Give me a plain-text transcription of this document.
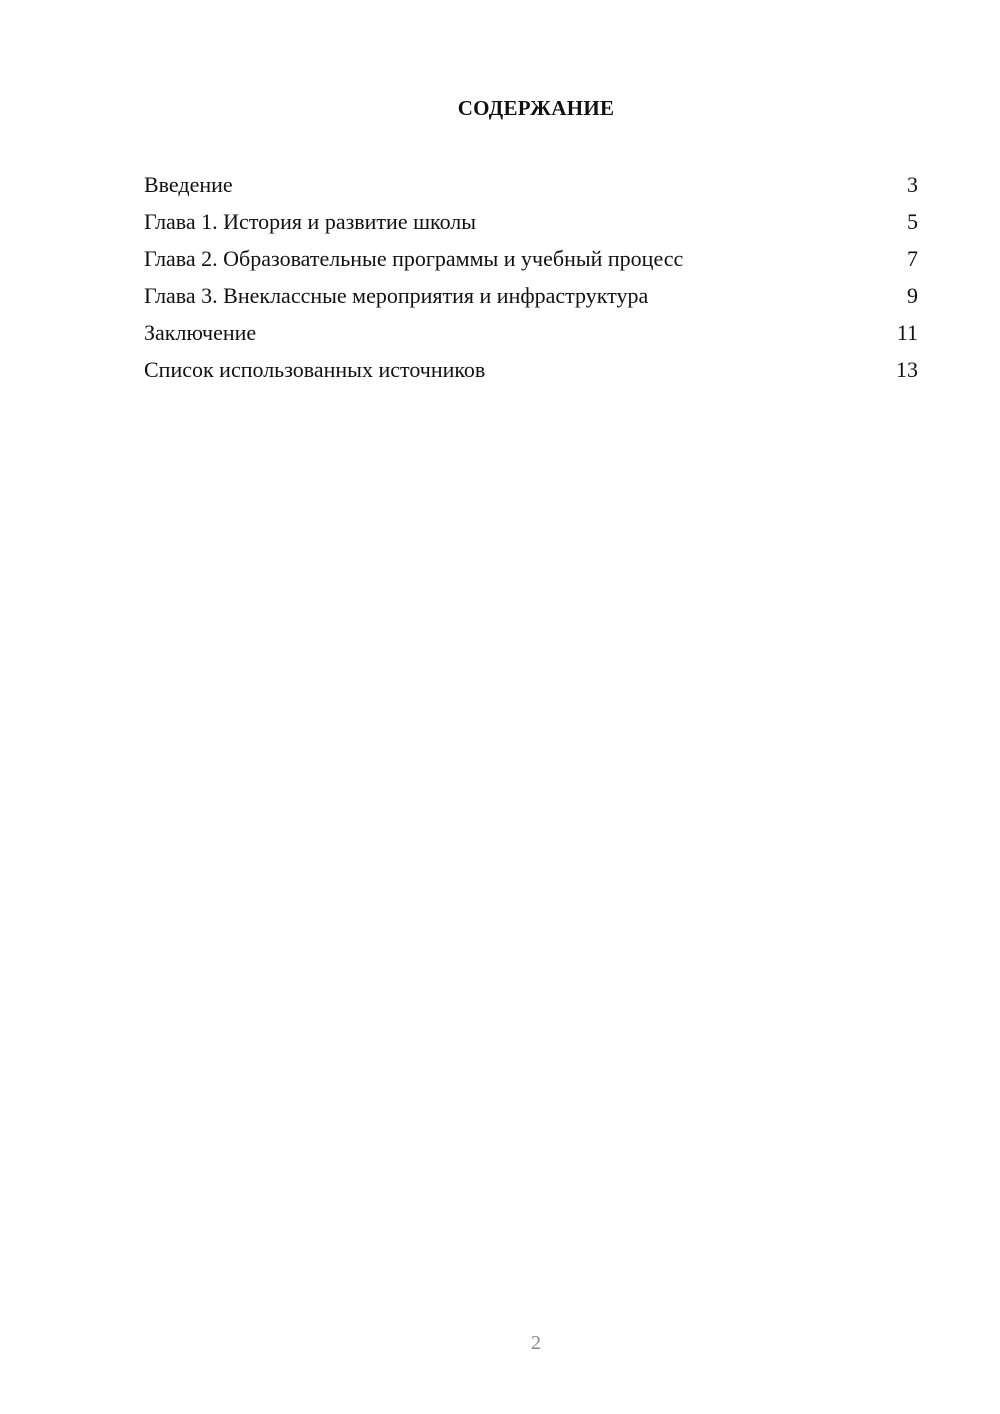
СОДЕРЖАНИЕ
Введение	3
Глава 1. История и развитие школы	5
Глава 2. Образовательные программы и учебный процесс	7
Глава 3. Внеклассные мероприятия и инфраструктура	9
Заключение	11
Список использованных источников	13
2
